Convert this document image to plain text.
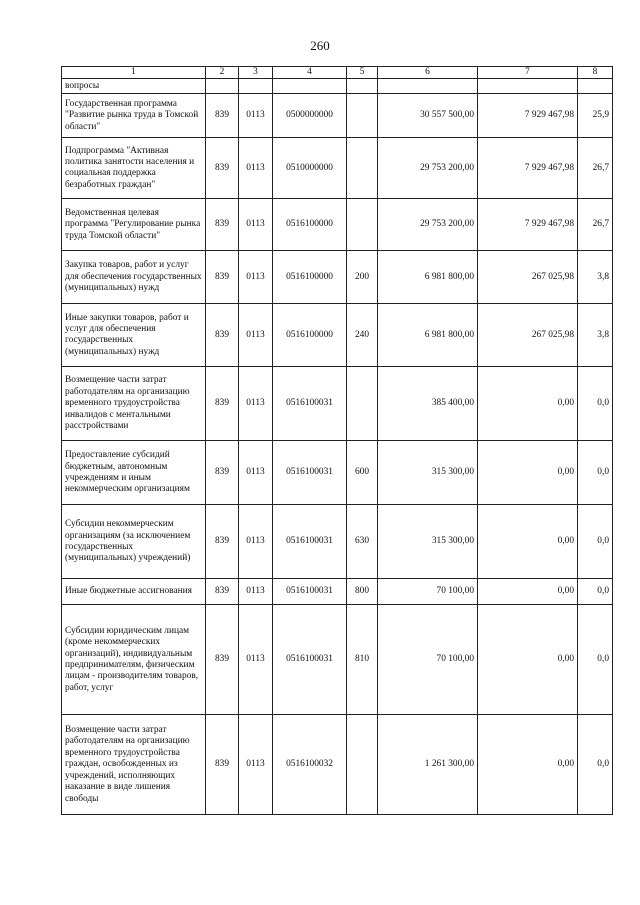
260
1	2	3	4	5	6	7	8
вопросы							
Государственная программа "Развитие рынка труда в Томской области"	839	0113	0500000000		30 557 500,00	7 929 467,98	25,9
Подпрограмма "Активная политика занятости населения и социальная поддержка безработных граждан"	839	0113	0510000000		29 753 200,00	7 929 467,98	26,7
Ведомственная целевая программа "Регулирование рынка труда Томской области"	839	0113	0516100000		29 753 200,00	7 929 467,98	26,7
Закупка товаров, работ и услуг для обеспечения государственных (муниципальных) нужд	839	0113	0516100000	200	6 981 800,00	267 025,98	3,8
Иные закупки товаров, работ и услуг для обеспечения государственных (муниципальных) нужд	839	0113	0516100000	240	6 981 800,00	267 025,98	3,8
Возмещение части затрат работодателям на организацию временного трудоустройства инвалидов с ментальными расстройствами	839	0113	0516100031		385 400,00	0,00	0,0
Предоставление субсидий бюджетным, автономным учреждениям и иным некоммерческим организациям	839	0113	0516100031	600	315 300,00	0,00	0,0
Субсидии некоммерческим организациям (за исключением государственных (муниципальных) учреждений)	839	0113	0516100031	630	315 300,00	0,00	0,0
Иные бюджетные ассигнования	839	0113	0516100031	800	70 100,00	0,00	0,0
Субсидии юридическим лицам (кроме некоммерческих организаций), индивидуальным предпринимателям, физическим лицам - производителям товаров, работ, услуг	839	0113	0516100031	810	70 100,00	0,00	0,0
Возмещение части затрат работодателям на организацию временного трудоустройства граждан, освобожденных из учреждений, исполняющих наказание в виде лишения свободы	839	0113	0516100032		1 261 300,00	0,00	0,0
